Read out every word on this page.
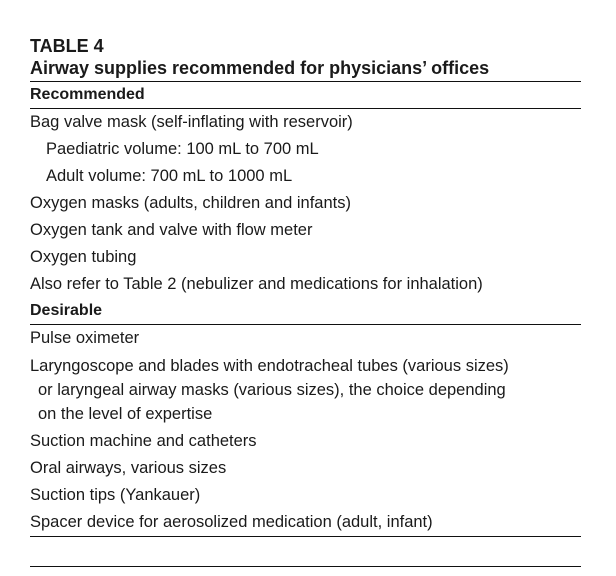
TABLE 4
Airway supplies recommended for physicians’ offices
Recommended
Bag valve mask (self-inflating with reservoir)
Paediatric volume: 100 mL to 700 mL
Adult volume: 700 mL to 1000 mL
Oxygen masks (adults, children and infants)
Oxygen tank and valve with flow meter
Oxygen tubing
Also refer to Table 2 (nebulizer and medications for inhalation)
Desirable
Pulse oximeter
Laryngoscope and blades with endotracheal tubes (various sizes)
or laryngeal airway masks (various sizes), the choice depending
on the level of expertise
Suction machine and catheters
Oral airways, various sizes
Suction tips (Yankauer)
Spacer device for aerosolized medication (adult, infant)
